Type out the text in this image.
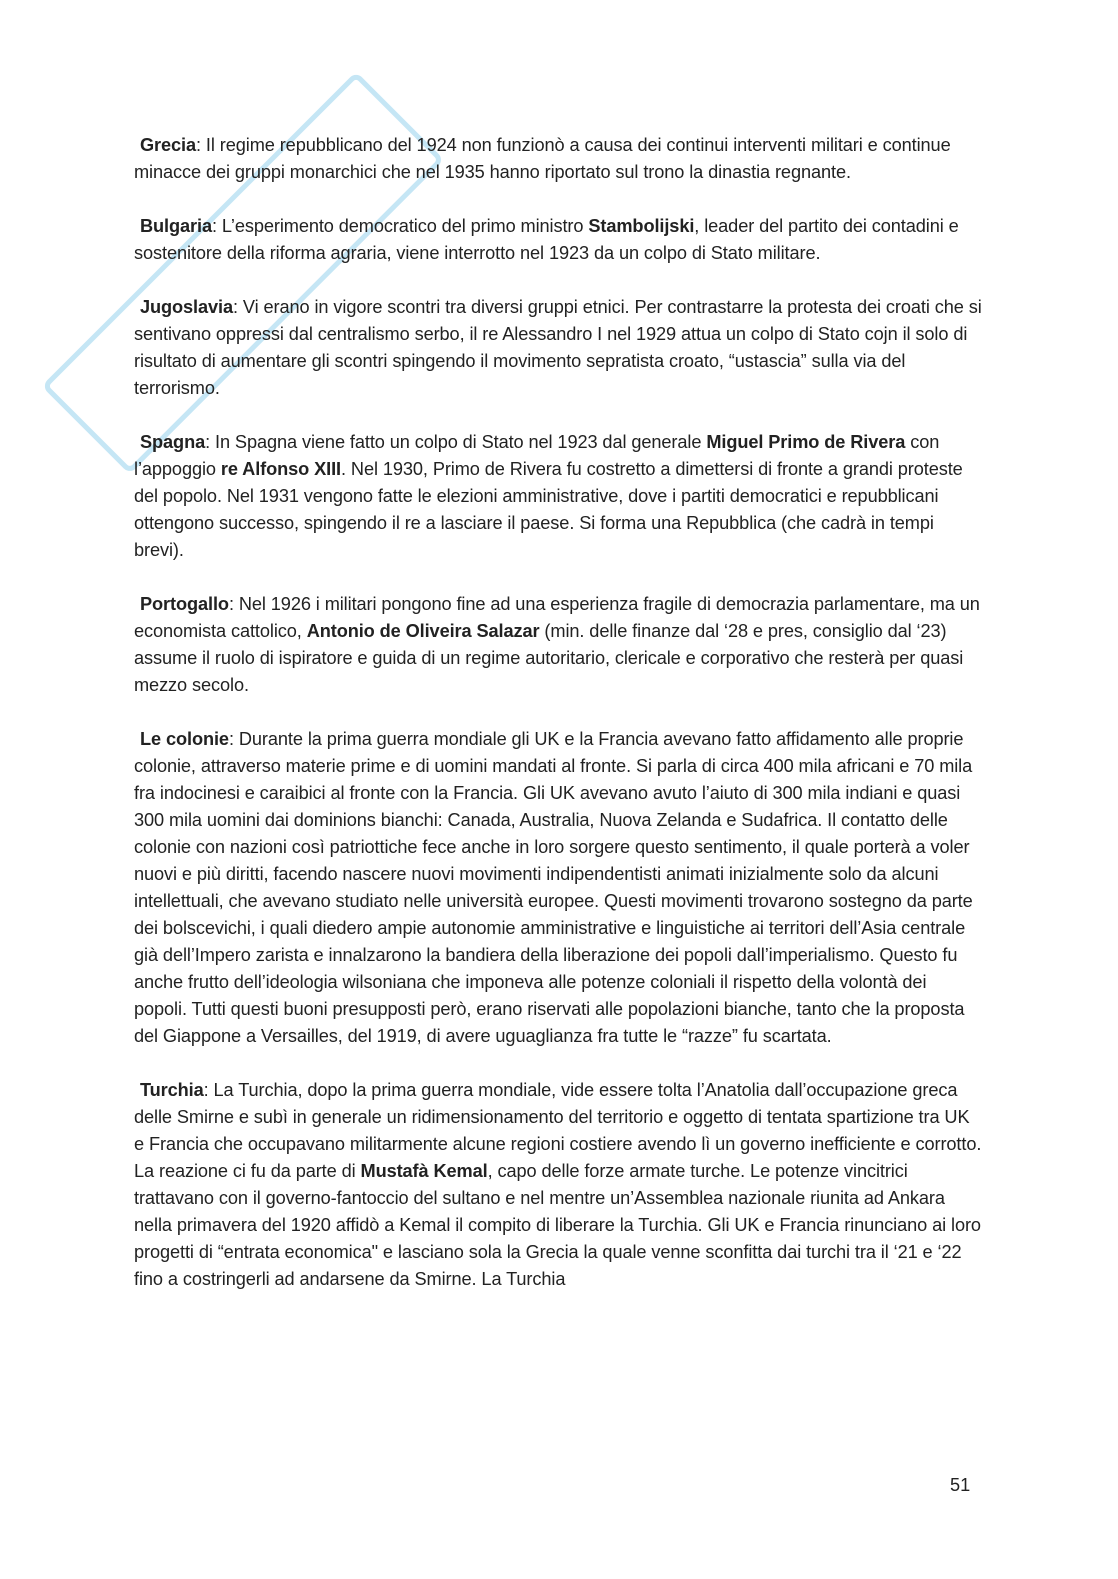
Grecia: Il regime repubblicano del 1924 non funzionò a causa dei continui interventi militari e continue minacce dei gruppi monarchici che nel 1935 hanno riportato sul trono la dinastia regnante.

Bulgaria: L’esperimento democratico del primo ministro Stambolijski, leader del partito dei contadini e sostenitore della riforma agraria, viene interrotto nel 1923 da un colpo di Stato militare.

Jugoslavia: Vi erano in vigore scontri tra diversi gruppi etnici. Per contrastarre la protesta dei croati che si sentivano oppressi dal centralismo serbo, il re Alessandro I nel 1929 attua un colpo di Stato cojn il solo di risultato di aumentare gli scontri spingendo il movimento sepratista croato, “ustascia” sulla via del terrorismo.

Spagna: In Spagna viene fatto un colpo di Stato nel 1923 dal generale Miguel Primo de Rivera con l’appoggio re Alfonso XIII. Nel 1930, Primo de Rivera fu costretto a dimettersi di fronte a grandi proteste del popolo. Nel 1931 vengono fatte le elezioni amministrative, dove i partiti democratici e repubblicani ottengono successo, spingendo il re a lasciare il paese. Si forma una Repubblica (che cadrà in tempi brevi).

Portogallo: Nel 1926 i militari pongono fine ad una esperienza fragile di democrazia parlamentare, ma un economista cattolico, Antonio de Oliveira Salazar (min. delle finanze dal ‘28 e pres, consiglio dal ‘23) assume il ruolo di ispiratore e guida di un regime autoritario, clericale e corporativo che resterà per quasi mezzo secolo.

Le colonie: Durante la prima guerra mondiale gli UK e la Francia avevano fatto affidamento alle proprie colonie, attraverso materie prime e di uomini mandati al fronte. Si parla di circa 400 mila africani e 70 mila fra indocinesi e caraibici al fronte con la Francia. Gli UK avevano avuto l’aiuto di 300 mila indiani e quasi 300 mila uomini dai dominions bianchi: Canada, Australia, Nuova Zelanda e Sudafrica. Il contatto delle colonie con nazioni così patriottiche fece anche in loro sorgere questo sentimento, il quale porterà a voler nuovi e più diritti, facendo nascere nuovi movimenti indipendentisti animati inizialmente solo da alcuni intellettuali, che avevano studiato nelle università europee. Questi movimenti trovarono sostegno da parte dei bolscevichi, i quali diedero ampie autonomie amministrative e linguistiche ai territori dell’Asia centrale già dell’Impero zarista e innalzarono la bandiera della liberazione dei popoli dall’imperialismo. Questo fu anche frutto dell’ideologia wilsoniana che imponeva alle potenze coloniali il rispetto della volontà dei popoli. Tutti questi buoni presupposti però, erano riservati alle popolazioni bianche, tanto che la proposta del Giappone a Versailles, del 1919, di avere uguaglianza fra tutte le “razze” fu scartata.

Turchia: La Turchia, dopo la prima guerra mondiale, vide essere tolta l’Anatolia dall’occupazione greca delle Smirne e subì in generale un ridimensionamento del territorio e oggetto di tentata spartizione tra UK e Francia che occupavano militarmente alcune regioni costiere avendo lì un governo inefficiente e corrotto. La reazione ci fu da parte di Mustafà Kemal, capo delle forze armate turche. Le potenze vincitrici trattavano con il governo-fantoccio del sultano e nel mentre un’Assemblea nazionale riunita ad Ankara nella primavera del 1920 affidò a Kemal il compito di liberare la Turchia. Gli UK e Francia rinunciano ai loro progetti di “entrata economica" e lasciano sola la Grecia la quale venne sconfitta dai turchi tra il ‘21 e ‘22 fino a costringerli ad andarsene da Smirne. La Turchia

51
